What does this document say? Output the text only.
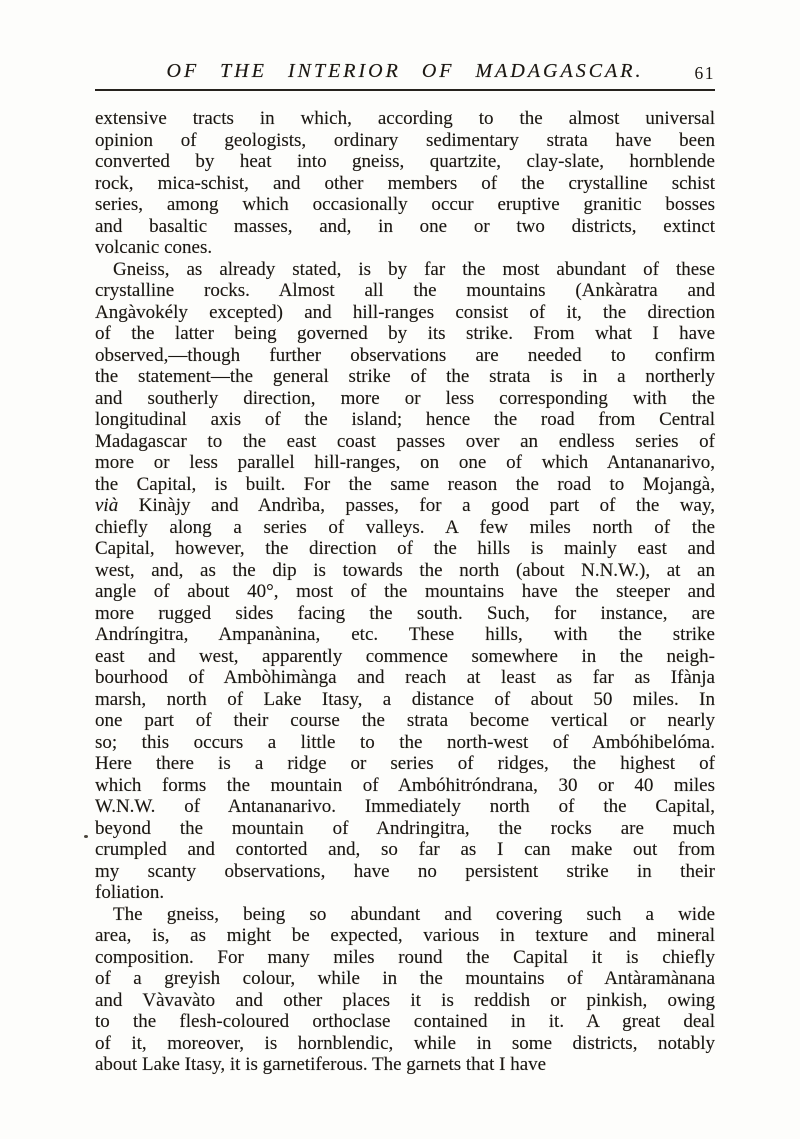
OF THE INTERIOR OF MADAGASCAR.	61
extensive tracts in which, according to the almost universal
opinion of geologists, ordinary sedimentary strata have been
converted by heat into gneiss, quartzite, clay-slate, hornblende
rock, mica-schist, and other members of the crystalline schist
series, among which occasionally occur eruptive granitic bosses
and basaltic masses, and, in one or two districts, extinct
volcanic cones.
Gneiss, as already stated, is by far the most abundant of these
crystalline rocks. Almost all the mountains (Ankàratra and
Angàvokély excepted) and hill-ranges consist of it, the direction
of the latter being governed by its strike. From what I have
observed,—though further observations are needed to confirm
the statement—the general strike of the strata is in a northerly
and southerly direction, more or less corresponding with the
longitudinal axis of the island; hence the road from Central
Madagascar to the east coast passes over an endless series of
more or less parallel hill-ranges, on one of which Antananarivo,
the Capital, is built. For the same reason the road to Mojangà,
vià Kinàjy and Andrìba, passes, for a good part of the way,
chiefly along a series of valleys. A few miles north of the
Capital, however, the direction of the hills is mainly east and
west, and, as the dip is towards the north (about N.N.W.), at an
angle of about 40°, most of the mountains have the steeper and
more rugged sides facing the south. Such, for instance, are
Andríngitra, Ampanànina, etc. These hills, with the strike
east and west, apparently commence somewhere in the neigh-
bourhood of Ambòhimànga and reach at least as far as Ifànja
marsh, north of Lake Itasy, a distance of about 50 miles. In
one part of their course the strata become vertical or nearly
so; this occurs a little to the north-west of Ambóhibelóma.
Here there is a ridge or series of ridges, the highest of
which forms the mountain of Ambóhitróndrana, 30 or 40 miles
W.N.W. of Antananarivo. Immediately north of the Capital,
beyond the mountain of Andringitra, the rocks are much
crumpled and contorted and, so far as I can make out from
my scanty observations, have no persistent strike in their
foliation.
The gneiss, being so abundant and covering such a wide
area, is, as might be expected, various in texture and mineral
composition. For many miles round the Capital it is chiefly
of a greyish colour, while in the mountains of Antàramànana
and Vàvavàto and other places it is reddish or pinkish, owing
to the flesh-coloured orthoclase contained in it. A great deal
of it, moreover, is hornblendic, while in some districts, notably
about Lake Itasy, it is garnetiferous. The garnets that I have
